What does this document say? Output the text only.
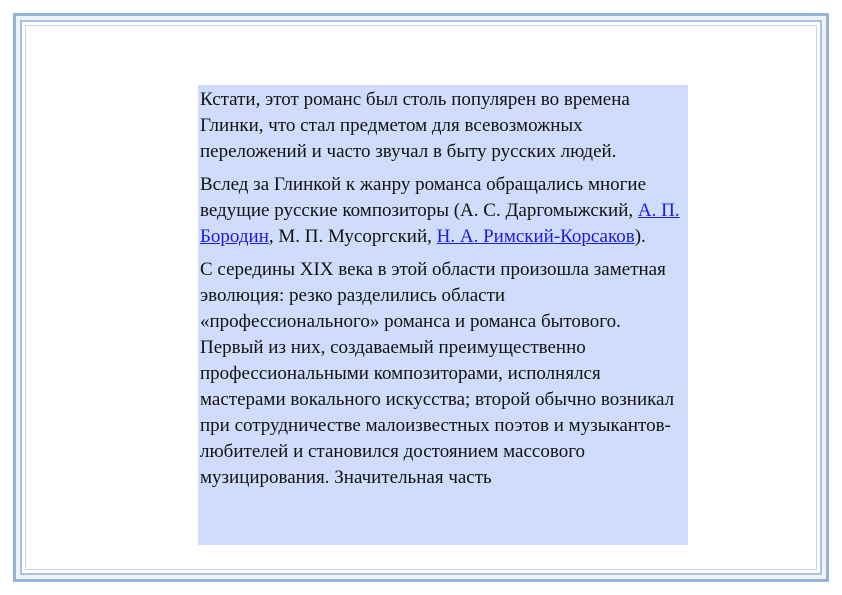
Кстати, этот романс был столь популярен во времена Глинки, что стал предметом для всевозможных переложений и часто звучал в быту русских людей.

Вслед за Глинкой к жанру романса обращались многие ведущие русские композиторы (А. С. Даргомыжский, А. П. Бородин, М. П. Мусоргский, Н. А. Римский-Корсаков).

С середины XIX века в этой области произошла заметная эволюция: резко разделились области «профессионального» романса и романса бытового. Первый из них, создаваемый преимущественно профессиональными композиторами, исполнялся мастерами вокального искусства; второй обычно возникал при сотрудничестве малоизвестных поэтов и музыкантов-любителей и становился достоянием массового музицирования. Значительная часть
